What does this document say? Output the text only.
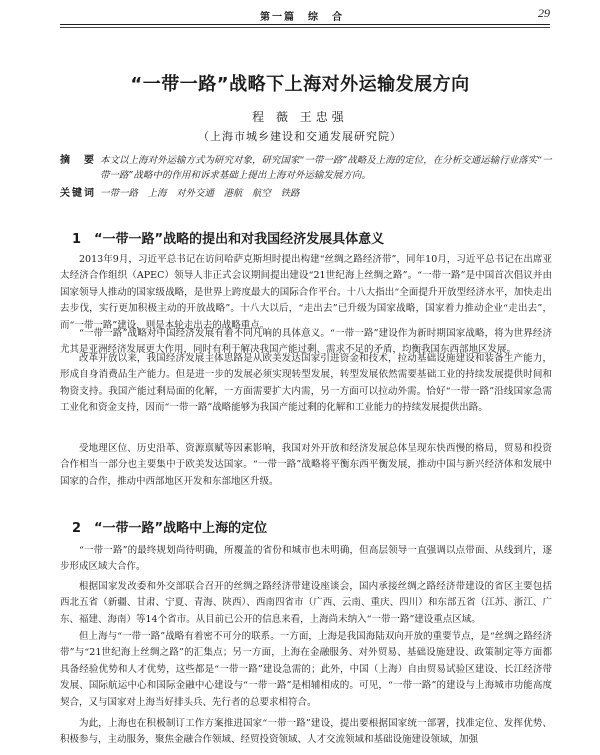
第一篇　综　合	29
“一带一路”战略下上海对外运输发展方向
程 薇 王忠强
（上海市城乡建设和交通发展研究院）
摘　要 本文以上海对外运输方式为研究对象，研究国家“一带一路”战略及上海的定位，在分析交通运输行业落实“一带一路”战略中的作用和诉求基础上提出上海对外运输发展方向。
关键词 一带一路　上海　对外交通　港航　航空　铁路
1 “一带一路”战略的提出和对我国经济发展具体意义

2013年9月，习近平总书记在访问哈萨克斯坦时提出构建“丝绸之路经济带”，同年10月，习近平总书记在出席亚太经济合作组织（APEC）领导人非正式会议期间提出建设“21世纪海上丝绸之路”。“一带一路”是中国首次倡议并由国家领导人推动的国家级战略，是世界上跨度最大的国际合作平台。十八大指出“全面提升开放型经济水平，加快走出去步伐，实行更加积极主动的开放战略”。十八大以后，“走出去”已升级为国家战略，国家着力推动企业“走出去”，而“一带一路”建设，则是本轮走出去的战略重点。

“一带一路”战略对中国经济发展有着不同凡响的具体意义。“一带一路”建设作为新时期国家战略，将为世界经济尤其是亚洲经济发展更大作用，同时有利于解决我国产能过剩、需求不足的矛盾，均衡我国东西部地区发展。

改革开放以来，我国经济发展主体思路是从欧美发达国家引进资金和技术，拉动基础设施建设和装备生产能力，形成自身消费品生产能力。但是进一步的发展必须实现转型发展，转型发展依然需要基础工业的持续发展提供时间和物资支持。我国产能过剩局面的化解，一方面需要扩大内需，另一方面可以拉动外需。恰好“一带一路”沿线国家急需工业化和资金支持，因而“一带一路”战略能够为我国产能过剩的化解和工业能力的持续发展提供出路。

受地理区位、历史沿革、资源禀赋等因素影响，我国对外开放和经济发展总体呈现东快西慢的格局，贸易和投资合作相当一部分也主要集中于欧美发达国家。“一带一路”战略将平衡东西平衡发展，推动中国与新兴经济体和发展中国家的合作，推动中西部地区开发和东部地区升级。

2 “一带一路”战略中上海的定位

“一带一路”的最终规划尚待明确，所覆盖的省份和城市也未明确，但高层领导一直强调以点带面、从线到片，逐步形成区域大合作。

根据国家发改委和外交部联合召开的丝绸之路经济带建设座谈会，国内承接丝绸之路经济带建设的省区主要包括西北五省（新疆、甘肃、宁夏、青海、陕西）、西南四省市（广西、云南、重庆、四川）和东部五省（江苏、浙江、广东、福建、海南）等14个省市。从目前已公开的信息来看，上海尚未纳入“一带一路”建设重点区域。

但上海与“一带一路”战略有着密不可分的联系。一方面，上海是我国海陆双向开放的重要节点，是“丝绸之路经济带”与“21世纪海上丝绸之路”的汇集点；另一方面，上海在金融服务、对外贸易、基础设施建设、政策制定等方面都具备经验优势和人才优势，这些都是“一带一路”建设急需的；此外，中国（上海）自由贸易试验区建设、长江经济带发展、国际航运中心和国际金融中心建设与“一带一路”是相辅相成的。可见，“一带一路”的建设与上海城市功能高度契合，又与国家对上海当好排头兵、先行者的总要求相符合。

为此，上海也在积极制订工作方案推进国家“一带一路”建设，提出要根据国家统一部署，找准定位、发挥优势、积极参与，主动服务，聚焦金融合作领域、经贸投资领域、人才交流领域和基础设施建设领域，加强
